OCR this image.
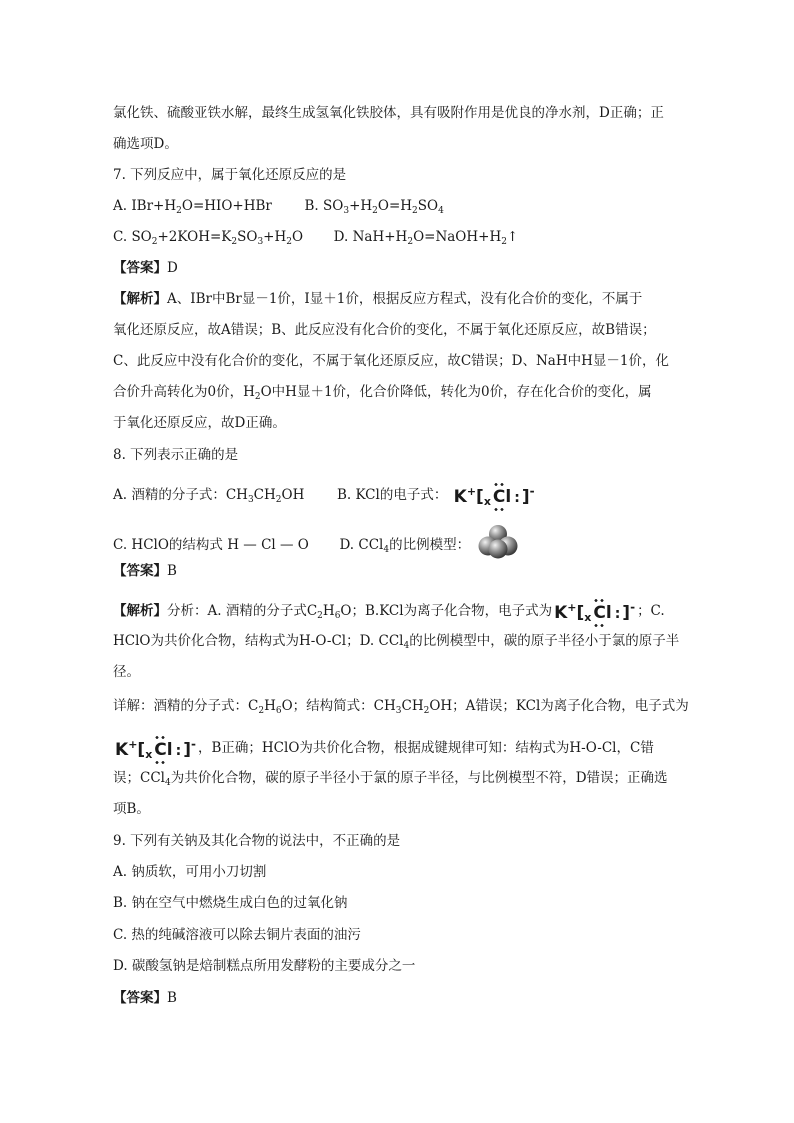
氯化铁、硫酸亚铁水解，最终生成氢氧化铁胶体，具有吸附作用是优良的净水剂，D正确；正
确选项D。
7. 下列反应中，属于氧化还原反应的是
A. $IBr+H_2O=HIO+HBr$ B. $SO_3+H_2O=H_2SO_4$
C. $SO_2+2KOH=K_2SO_3+H_2O$ D. $NaH+H_2O=NaOH+H_2↑$
【答案】D
【解析】A、IBr中Br显－1价，I显＋1价，根据反应方程式，没有化合价的变化，不属于
氧化还原反应，故A错误；B、此反应没有化合价的变化，不属于氧化还原反应，故B错误；
C、此反应中没有化合价的变化，不属于氧化还原反应，故C错误；D、NaH中H显－1价，化
合价升高转化为0价，$H_2O$中H显＋1价，化合价降低，转化为0价，存在化合价的变化，属
于氧化还原反应，故D正确。
8. 下列表示正确的是
A. 酒精的分子式：$CH_3CH_2OH$ B. KCl的电子式： K+[x Cl : ]-
C. HClO的结构式 H — Cl — O D. CCl$_4$的比例模型：
【答案】B
【解析】分析：A. 酒精的分子式$C_2H_6O$；B.KCl为离子化合物，电子式为 K+[x Cl : ]- ；C.
HClO为共价化合物，结构式为H-O-Cl；D. CCl$_4$的比例模型中，碳的原子半径小于氯的原子半
径。
详解：酒精的分子式：$C_2H_6O$；结构简式：$CH_3CH_2OH$；A错误；KCl为离子化合物，电子式为
K+[x Cl : ]- ，B正确；HClO为共价化合物，根据成键规律可知：结构式为H-O-Cl，C错
误；CCl$_4$为共价化合物，碳的原子半径小于氯的原子半径，与比例模型不符，D错误；正确选
项B。
9. 下列有关钠及其化合物的说法中，不正确的是
A. 钠质软，可用小刀切割
B. 钠在空气中燃烧生成白色的过氧化钠
C. 热的纯碱溶液可以除去铜片表面的油污
D. 碳酸氢钠是焙制糕点所用发酵粉的主要成分之一
【答案】B
